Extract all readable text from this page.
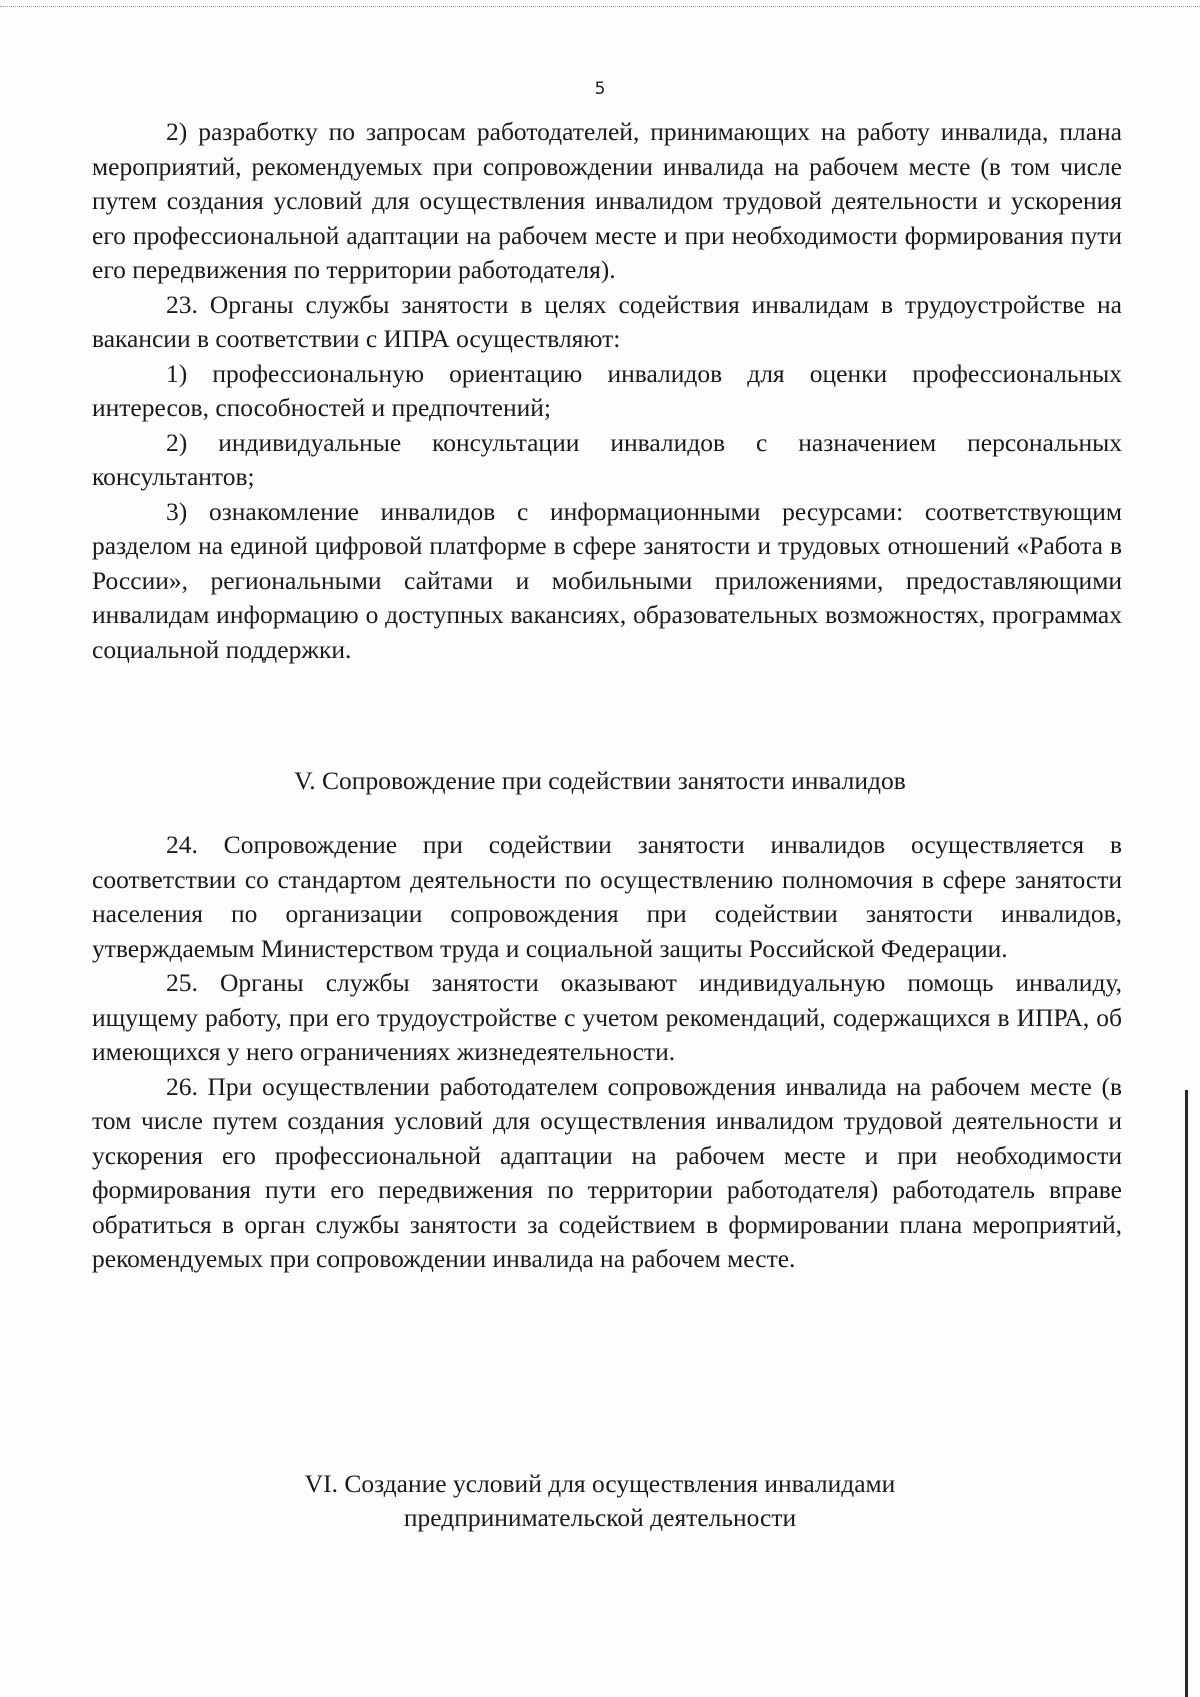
5

2) разработку по запросам работодателей, принимающих на работу инвалида, плана мероприятий, рекомендуемых при сопровождении инвалида на рабочем месте (в том числе путем создания условий для осуществления инвалидом трудовой деятельности и ускорения его профессиональной адаптации на рабочем месте и при необходимости формирования пути его передвижения по территории работодателя).

23. Органы службы занятости в целях содействия инвалидам в трудоустройстве на вакансии в соответствии с ИПРА осуществляют:

1) профессиональную ориентацию инвалидов для оценки профессиональных интересов, способностей и предпочтений;

2) индивидуальные консультации инвалидов с назначением персональных консультантов;

3) ознакомление инвалидов с информационными ресурсами: соответствующим разделом на единой цифровой платформе в сфере занятости и трудовых отношений «Работа в России», региональными сайтами и мобильными приложениями, предоставляющими инвалидам информацию о доступных вакансиях, образовательных возможностях, программах социальной поддержки.

V. Сопровождение при содействии занятости инвалидов

24. Сопровождение при содействии занятости инвалидов осуществляется в соответствии со стандартом деятельности по осуществлению полномочия в сфере занятости населения по организации сопровождения при содействии занятости инвалидов, утверждаемым Министерством труда и социальной защиты Российской Федерации.

25. Органы службы занятости оказывают индивидуальную помощь инвалиду, ищущему работу, при его трудоустройстве с учетом рекомендаций, содержащихся в ИПРА, об имеющихся у него ограничениях жизнедеятельности.

26. При осуществлении работодателем сопровождения инвалида на рабочем месте (в том числе путем создания условий для осуществления инвалидом трудовой деятельности и ускорения его профессиональной адаптации на рабочем месте и при необходимости формирования пути его передвижения по территории работодателя) работодатель вправе обратиться в орган службы занятости за содействием в формировании плана мероприятий, рекомендуемых при сопровождении инвалида на рабочем месте.

VI. Создание условий для осуществления инвалидами
предпринимательской деятельности
